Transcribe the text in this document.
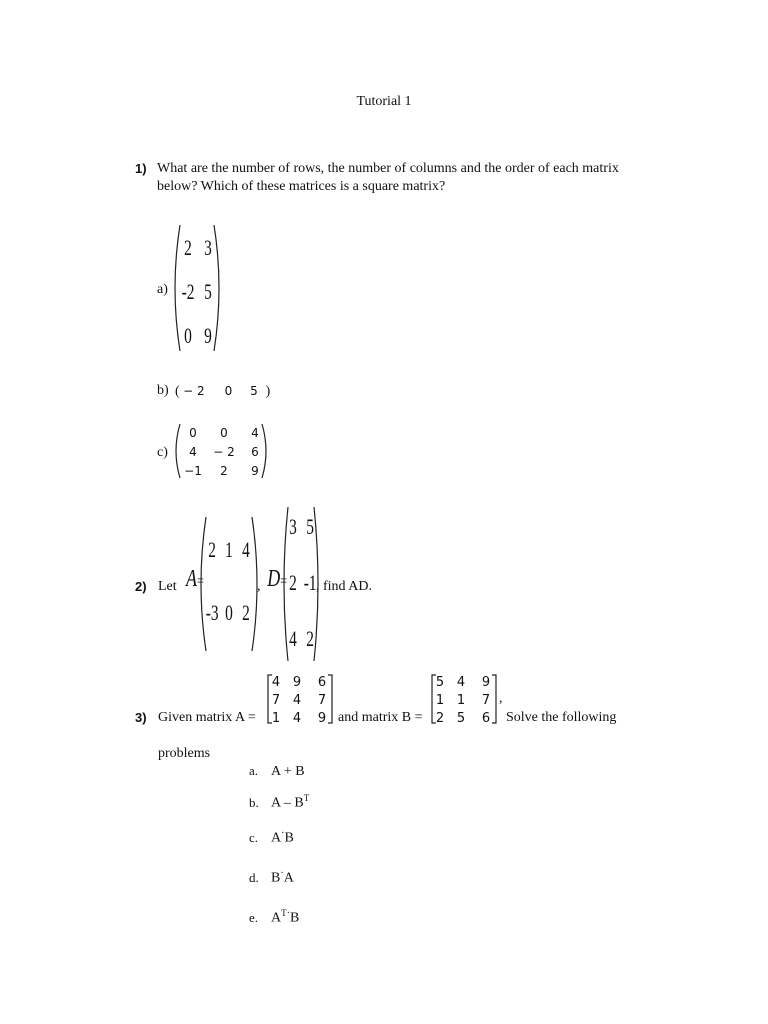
Tutorial 1
1) What are the number of rows, the number of columns and the order of each matrix
below? Which of these matrices is a square matrix?
a)
2	3
-2	5
0	9
b) ( − 2 0 5 )
c)
0	0	4
4	− 2	6
−1	2	9
2) Let A=
2	1	4
-3	0	2
, D=
3	5
2	-1
4	2
, find AD.
3) Given matrix A =
4	9	6
7	4	7
1	4	9 and matrix B =
5	4	9
1	1	7
2	5	6
,
Solve the following
problems
a. A + B
b. A – $B^T$
c. A·B
d. B·A
e. $A^{T\cdot}B$
